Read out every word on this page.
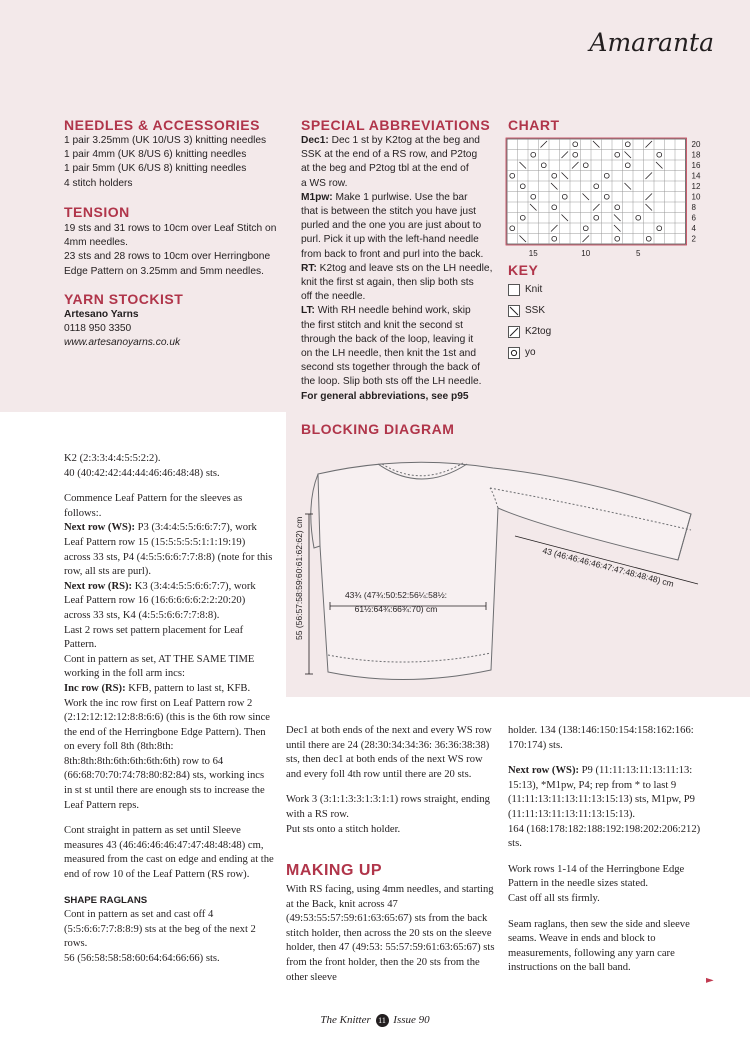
Amaranta
NEEDLES & ACCESSORIES

1 pair 3.25mm (UK 10/US 3) knitting needles

1 pair 4mm (UK 8/US 6) knitting needles

1 pair 5mm (UK 6/US 8) knitting needles

4 stitch holders

TENSION

19 sts and 31 rows to 10cm over Leaf Stitch on

4mm needles.

23 sts and 28 rows to 10cm over Herringbone

Edge Pattern on 3.25mm and 5mm needles.

YARN STOCKIST

Artesano Yarns

0118 950 3350

www.artesanoyarns.co.uk

SPECIAL ABBREVIATIONS

Dec1: Dec 1 st by K2tog at the beg and

SSK at the end of a RS row, and P2tog

at the beg and P2tog tbl at the end of

a WS row.

M1pw: Make 1 purlwise. Use the bar

that is between the stitch you have just

purled and the one you are just about to

purl. Pick it up with the left-hand needle

from back to front and purl into the back.

RT: K2tog and leave sts on the LH needle,

knit the first st again, then slip both sts

off the needle.

LT: With RH needle behind work, skip

the first stitch and knit the second st

through the back of the loop, leaving it

on the LH needle, then knit the 1st and

second sts together through the back of

the loop. Slip both sts off the LH needle.

For general abbreviations, see p95

CHART
20
18
16
14
12
10
8
6
4
2
15	10	5
KEY
Knit
SSK
K2tog
yo
BLOCKING DIAGRAM
55 (56:57:58:59:60:61:62:62) cm	43¾ (47¾:50:52:56¼:58½:
61½:64¾:66¾:70) cm
43 (46:46:46:46:47:47:48:48:48) cm

K2 (2:3:3:4:4:5:5:2:2).

40 (40:42:42:44:44:46:46:48:48) sts.

Commence Leaf Pattern for the sleeves as follows:.

Next row (WS): P3 (3:4:4:5:5:6:6:7:7), work Leaf Pattern row 15 (15:5:5:5:5:1:1:19:19) across 33 sts, P4 (4:5:5:6:6:7:7:8:8) (note for this row, all sts are purl).

Next row (RS): K3 (3:4:4:5:5:6:6:7:7), work Leaf Pattern row 16 (16:6:6:6:6:2:2:20:20) across 33 sts, K4 (4:5:5:6:6:7:7:8:8).

Last 2 rows set pattern placement for Leaf Pattern.

Cont in pattern as set, AT THE SAME TIME working in the foll arm incs:

Inc row (RS): KFB, pattern to last st, KFB.

Work the inc row first on Leaf Pattern row 2 (2:12:12:12:12:8:8:6:6) (this is the 6th row since the end of the Herringbone Edge Pattern). Then on every foll 8th (8th:8th: 8th:8th:8th:6th:6th:6th:6th) row to 64 (66:68:70:70:74:78:80:82:84) sts, working incs in st st until there are enough sts to increase the Leaf Pattern reps.

Cont straight in pattern as set until Sleeve measures 43 (46:46:46:46:47:47:48:48:48) cm, measured from the cast on edge and ending at the end of row 10 of the Leaf Pattern (RS row).

SHAPE RAGLANS

Cont in pattern as set and cast off 4 (5:5:6:6:7:7:8:8:9) sts at the beg of the next 2 rows.

56 (56:58:58:58:60:64:64:66:66) sts.

Dec1 at both ends of the next and every WS row until there are 24 (28:30:34:34:36: 36:36:38:38) sts, then dec1 at both ends of the next WS row and every foll 4th row until there are 20 sts.

Work 3 (3:1:1:3:3:1:3:1:1) rows straight, ending with a RS row.

Put sts onto a stitch holder.

MAKING UP

With RS facing, using 4mm needles, and starting at the Back, knit across 47 (49:53:55:57:59:61:63:65:67) sts from the back stitch holder, then across the 20 sts on the sleeve holder, then 47 (49:53: 55:57:59:61:63:65:67) sts from the front holder, then the 20 sts from the other sleeve

holder. 134 (138:146:150:154:158:162:166: 170:174) sts.

Next row (WS): P9 (11:11:13:11:13:11:13: 15:13), *M1pw, P4; rep from * to last 9 (11:11:13:11:13:11:13:15:13) sts, M1pw, P9 (11:11:13:11:13:11:13:15:13).

164 (168:178:182:188:192:198:202:206:212) sts.

Work rows 1-14 of the Herringbone Edge Pattern in the needle sizes stated.

Cast off all sts firmly.

Seam raglans, then sew the side and sleeve seams. Weave in ends and block to measurements, following any yarn care instructions on the ball band.

►
The Knitter 11 Issue 90
